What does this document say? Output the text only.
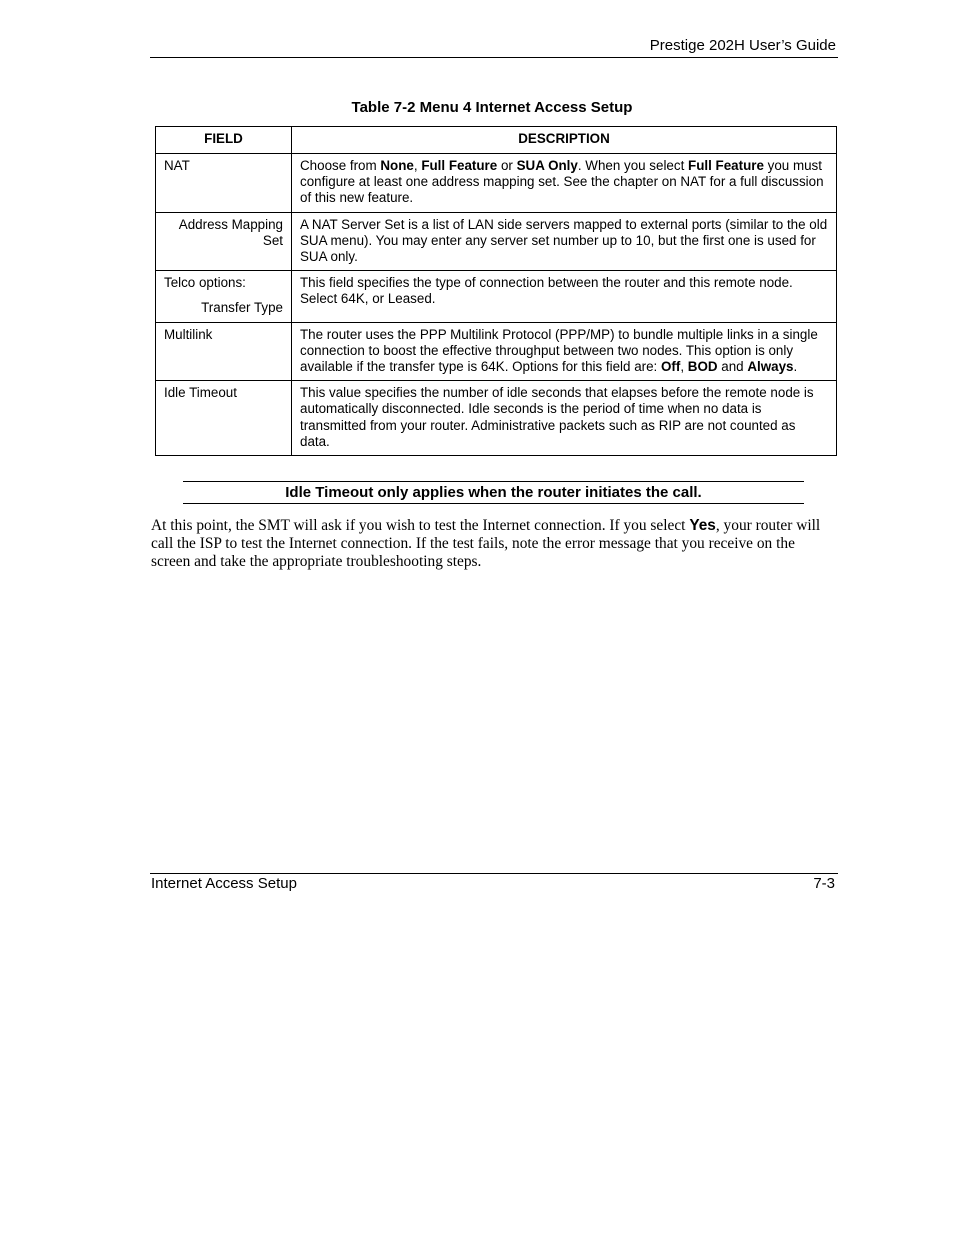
Prestige 202H User’s Guide
Table 7-2 Menu 4 Internet Access Setup
FIELD	DESCRIPTION
NAT	Choose from None, Full Feature or SUA Only. When you select Full Feature you must configure at least one address mapping set. See the chapter on NAT for a full discussion of this new feature.
Address Mapping Set	A NAT Server Set is a list of LAN side servers mapped to external ports (similar to the old SUA menu). You may enter any server set number up to 10, but the first one is used for SUA only.

Telco options:
Transfer Type	This field specifies the type of connection between the router and this remote node. Select 64K, or Leased.
Multilink	The router uses the PPP Multilink Protocol (PPP/MP) to bundle multiple links in a single connection to boost the effective throughput between two nodes. This option is only available if the transfer type is 64K. Options for this field are: Off, BOD and Always.
Idle Timeout	This value specifies the number of idle seconds that elapses before the remote node is automatically disconnected. Idle seconds is the period of time when no data is transmitted from your router. Administrative packets such as RIP are not counted as data.
Idle Timeout only applies when the router initiates the call.
At this point, the SMT will ask if you wish to test the Internet connection. If you select Yes, your router will call the ISP to test the Internet connection. If the test fails, note the error message that you receive on the screen and take the appropriate troubleshooting steps.
Internet Access Setup	7-3
